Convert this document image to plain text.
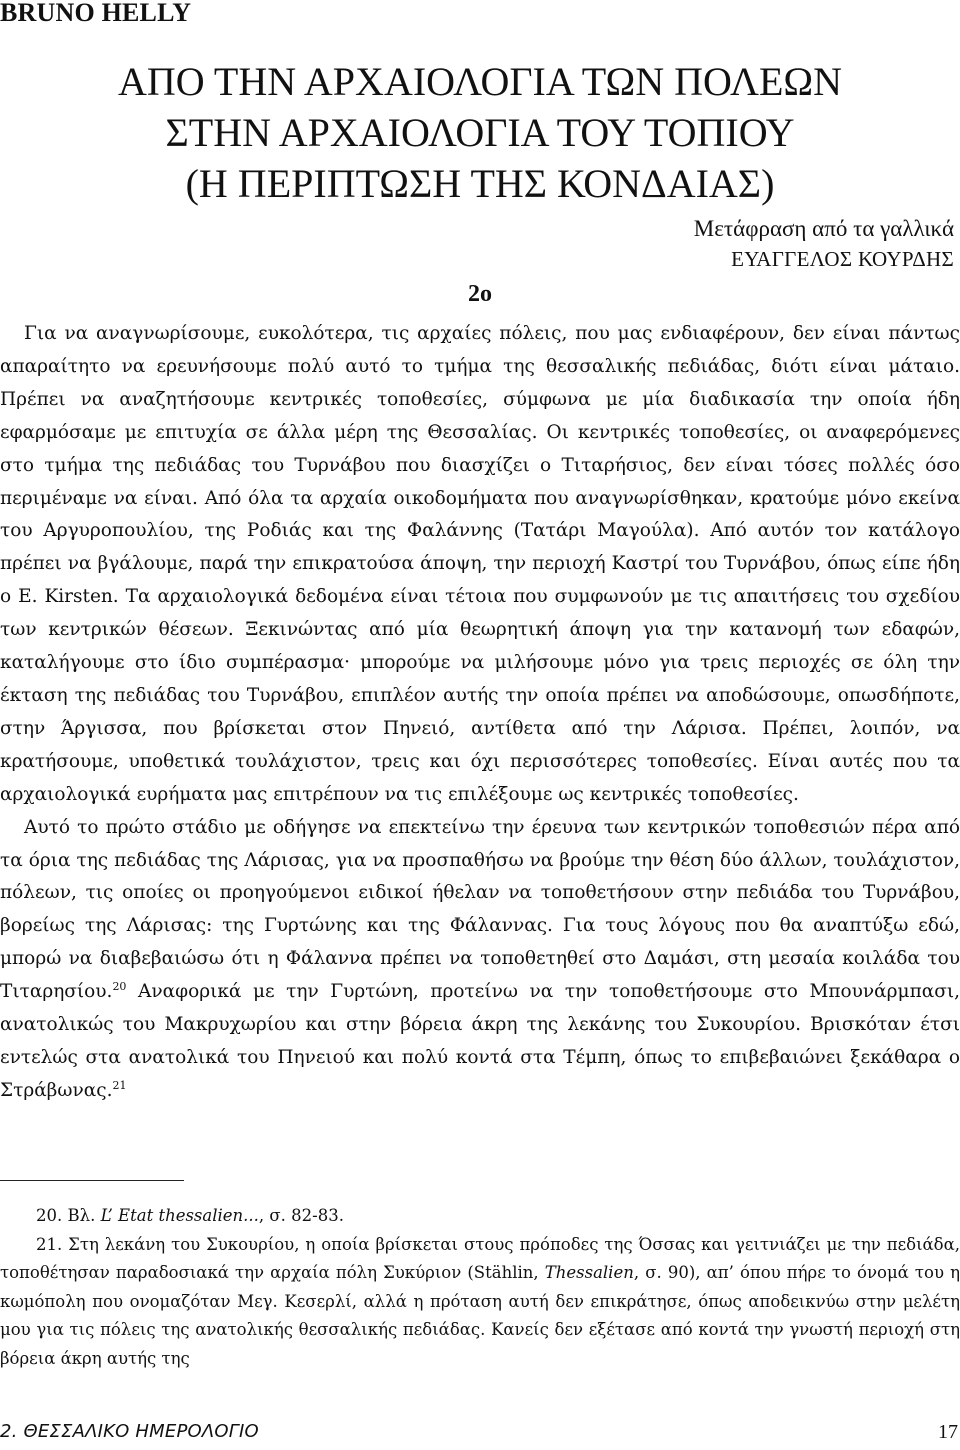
BRUNO HELLY
ΑΠΟ ΤΗΝ ΑΡΧΑΙΟΛΟΓΙΑ ΤΩΝ ΠΟΛΕΩΝ
ΣΤΗΝ ΑΡΧΑΙΟΛΟΓΙΑ ΤΟΥ ΤΟΠΙΟΥ
(Η ΠΕΡΙΠΤΩΣΗ ΤΗΣ ΚΟΝΔΑΙΑΣ)
Μετάφραση από τα γαλλικά
ΕΥΑΓΓΕΛΟΣ ΚΟΥΡΔΗΣ
2ο

Για να αναγνωρίσουμε, ευκολότερα, τις αρχαίες πόλεις, που μας ενδιαφέρουν, δεν είναι πάντως απαραίτητο να ερευνήσουμε πολύ αυτό το τμήμα της θεσσαλικής πεδιάδας, διότι είναι μάταιο. Πρέπει να αναζητήσουμε κεντρικές τοποθεσίες, σύμφωνα με μία διαδικασία την οποία ήδη εφαρμόσαμε με επιτυχία σε άλλα μέρη της Θεσσαλίας. Οι κεντρικές τοποθεσίες, οι αναφερόμενες στο τμήμα της πεδιάδας του Τυρνάβου που διασχίζει ο Τιταρήσιος, δεν είναι τόσες πολλές όσο περιμέναμε να είναι. Από όλα τα αρχαία οικοδομήματα που αναγνωρίσθηκαν, κρατούμε μόνο εκείνα του Αργυροπουλίου, της Ροδιάς και της Φαλάννης (Τατάρι Μαγούλα). Από αυτόν τον κατάλογο πρέπει να βγάλουμε, παρά την επικρατούσα άποψη, την περιοχή Καστρί του Τυρνάβου, όπως είπε ήδη ο E. Kirsten. Τα αρχαιολογικά δεδομένα είναι τέτοια που συμφωνούν με τις απαιτήσεις του σχεδίου των κεντρικών θέσεων. Ξεκινώντας από μία θεωρητική άποψη για την κατανομή των εδαφών, καταλήγουμε στο ίδιο συμπέρασμα· μπορούμε να μιλήσουμε μόνο για τρεις περιοχές σε όλη την έκταση της πεδιάδας του Τυρνάβου, επιπλέον αυτής την οποία πρέπει να αποδώσουμε, οπωσδήποτε, στην Άργισσα, που βρίσκεται στον Πηνειό, αντίθετα από την Λάρισα. Πρέπει, λοιπόν, να κρατήσουμε, υποθετικά τουλάχιστον, τρεις και όχι περισσότερες τοποθεσίες. Είναι αυτές που τα αρχαιολογικά ευρήματα μας επιτρέπουν να τις επιλέξουμε ως κεντρικές τοποθεσίες.

Αυτό το πρώτο στάδιο με οδήγησε να επεκτείνω την έρευνα των κεντρικών τοποθεσιών πέρα από τα όρια της πεδιάδας της Λάρισας, για να προσπαθήσω να βρούμε την θέση δύο άλλων, τουλάχιστον, πόλεων, τις οποίες οι προηγούμενοι ειδικοί ήθελαν να τοποθετήσουν στην πεδιάδα του Τυρνάβου, βορείως της Λάρισας: της Γυρτώνης και της Φάλαννας. Για τους λόγους που θα αναπτύξω εδώ, μπορώ να διαβεβαιώσω ότι η Φάλαννα πρέπει να τοποθετηθεί στο Δαμάσι, στη μεσαία κοιλάδα του Τιταρησίου.$^{20}$ Αναφορικά με την Γυρτώνη, προτείνω να την τοποθετήσουμε στο Μπουνάρμπασι, ανατολικώς του Μακρυχωρίου και στην βόρεια άκρη της λεκάνης του Συκουρίου. Βρισκόταν έτσι εντελώς στα ανατολικά του Πηνειού και πολύ κοντά στα Τέμπη, όπως το επιβεβαιώνει ξεκάθαρα ο Στράβωνας.$^{21}$

20. Βλ. L’ Etat thessalien..., σ. 82-83.

21. Στη λεκάνη του Συκουρίου, η οποία βρίσκεται στους πρόποδες της Όσσας και γειτνιάζει με την πεδιάδα, τοποθέτησαν παραδοσιακά την αρχαία πόλη Συκύριον (Stählin, Thessalien, σ. 90), απ’ όπου πήρε το όνομά του η κωμόπολη που ονομαζόταν Μεγ. Κεσερλί, αλλά η πρόταση αυτή δεν επικράτησε, όπως αποδεικνύω στην μελέτη μου για τις πόλεις της ανατολικής θεσσαλικής πεδιάδας. Κανείς δεν εξέτασε από κοντά την γνωστή περιοχή στη βόρεια άκρη αυτής της

2. ΘΕΣΣΑΛΙΚΟ ΗΜΕΡΟΛΟΓΙΟ	17
